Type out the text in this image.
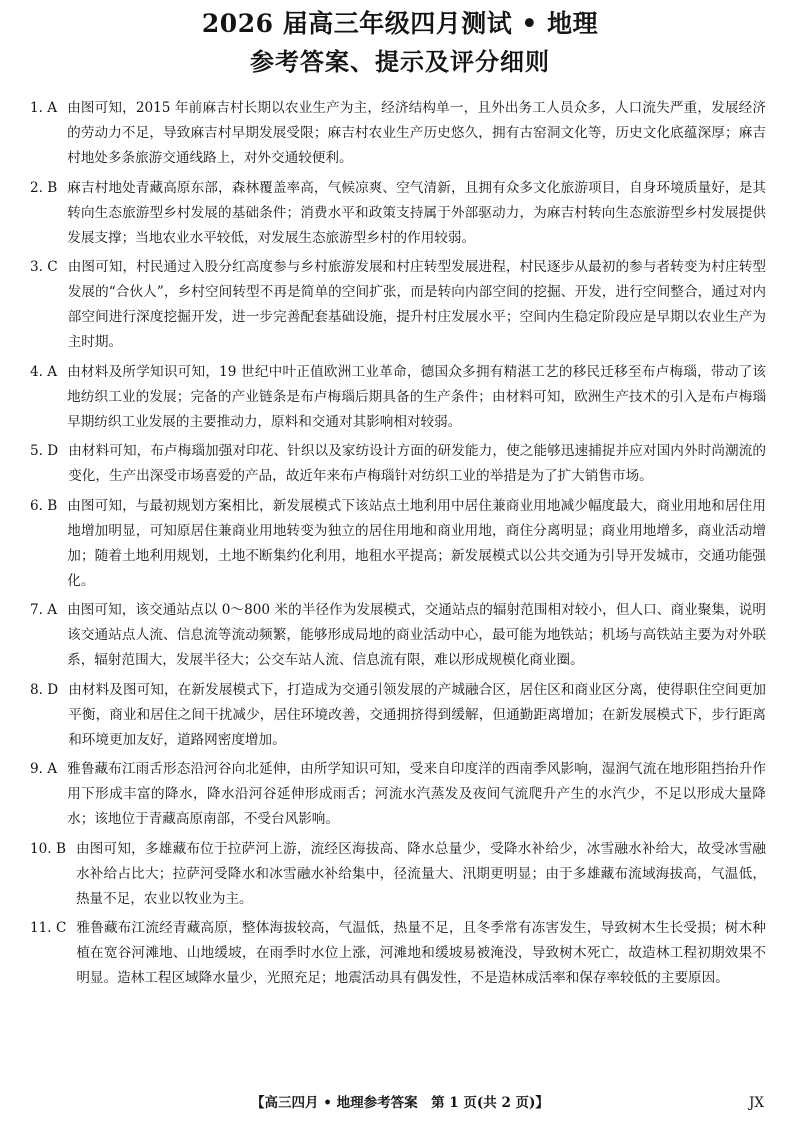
2026 届高三年级四月测试 • 地理
参考答案、提示及评分细则
1. A 由图可知，2015 年前麻吉村长期以农业生产为主，经济结构单一，且外出务工人员众多，人口流失严重，发展经济的劳动力不足，导致麻吉村早期发展受限；麻吉村农业生产历史悠久，拥有古窑洞文化等，历史文化底蕴深厚；麻吉村地处多条旅游交通线路上，对外交通较便利。
2. B 麻吉村地处青藏高原东部，森林覆盖率高，气候凉爽、空气清新，且拥有众多文化旅游项目，自身环境质量好，是其转向生态旅游型乡村发展的基础条件；消费水平和政策支持属于外部驱动力，为麻吉村转向生态旅游型乡村发展提供发展支撑；当地农业水平较低，对发展生态旅游型乡村的作用较弱。
3. C 由图可知，村民通过入股分红高度参与乡村旅游发展和村庄转型发展进程，村民逐步从最初的参与者转变为村庄转型发展的“合伙人”，乡村空间转型不再是简单的空间扩张，而是转向内部空间的挖掘、开发，进行空间整合，通过对内部空间进行深度挖掘开发，进一步完善配套基础设施，提升村庄发展水平；空间内生稳定阶段应是早期以农业生产为主时期。
4. A 由材料及所学知识可知，19 世纪中叶正值欧洲工业革命，德国众多拥有精湛工艺的移民迁移至布卢梅瑙，带动了该地纺织工业的发展；完备的产业链条是布卢梅瑙后期具备的生产条件；由材料可知，欧洲生产技术的引入是布卢梅瑙早期纺织工业发展的主要推动力，原料和交通对其影响相对较弱。
5. D 由材料可知，布卢梅瑙加强对印花、针织以及家纺设计方面的研发能力，使之能够迅速捕捉并应对国内外时尚潮流的变化，生产出深受市场喜爱的产品，故近年来布卢梅瑙针对纺织工业的举措是为了扩大销售市场。
6. B 由图可知，与最初规划方案相比，新发展模式下该站点土地利用中居住兼商业用地减少幅度最大，商业用地和居住用地增加明显，可知原居住兼商业用地转变为独立的居住用地和商业用地，商住分离明显；商业用地增多，商业活动增加；随着土地利用规划，土地不断集约化利用，地租水平提高；新发展模式以公共交通为引导开发城市，交通功能强化。
7. A 由图可知，该交通站点以 0～800 米的半径作为发展模式，交通站点的辐射范围相对较小，但人口、商业聚集，说明该交通站点人流、信息流等流动频繁，能够形成局地的商业活动中心，最可能为地铁站；机场与高铁站主要为对外联系，辐射范围大，发展半径大；公交车站人流、信息流有限，难以形成规模化商业圈。
8. D 由材料及图可知，在新发展模式下，打造成为交通引领发展的产城融合区，居住区和商业区分离，使得职住空间更加平衡，商业和居住之间干扰减少，居住环境改善，交通拥挤得到缓解，但通勤距离增加；在新发展模式下，步行距离和环境更加友好，道路网密度增加。
9. A 雅鲁藏布江雨舌形态沿河谷向北延伸，由所学知识可知，受来自印度洋的西南季风影响，湿润气流在地形阻挡抬升作用下形成丰富的降水，降水沿河谷延伸形成雨舌；河流水汽蒸发及夜间气流爬升产生的水汽少，不足以形成大量降水；该地位于青藏高原南部，不受台风影响。
10. B 由图可知，多雄藏布位于拉萨河上游，流经区海拔高、降水总量少，受降水补给少，冰雪融水补给大，故受冰雪融水补给占比大；拉萨河受降水和冰雪融水补给集中，径流量大、汛期更明显；由于多雄藏布流域海拔高，气温低，热量不足，农业以牧业为主。
11. C 雅鲁藏布江流经青藏高原，整体海拔较高，气温低，热量不足，且冬季常有冻害发生，导致树木生长受损；树木种植在宽谷河滩地、山地缓坡，在雨季时水位上涨，河滩地和缓坡易被淹没，导致树木死亡，故造林工程初期效果不明显。造林工程区域降水量少，光照充足；地震活动具有偶发性，不是造林成活率和保存率较低的主要原因。
【高三四月 • 地理参考答案　第 1 页(共 2 页)】	JX
